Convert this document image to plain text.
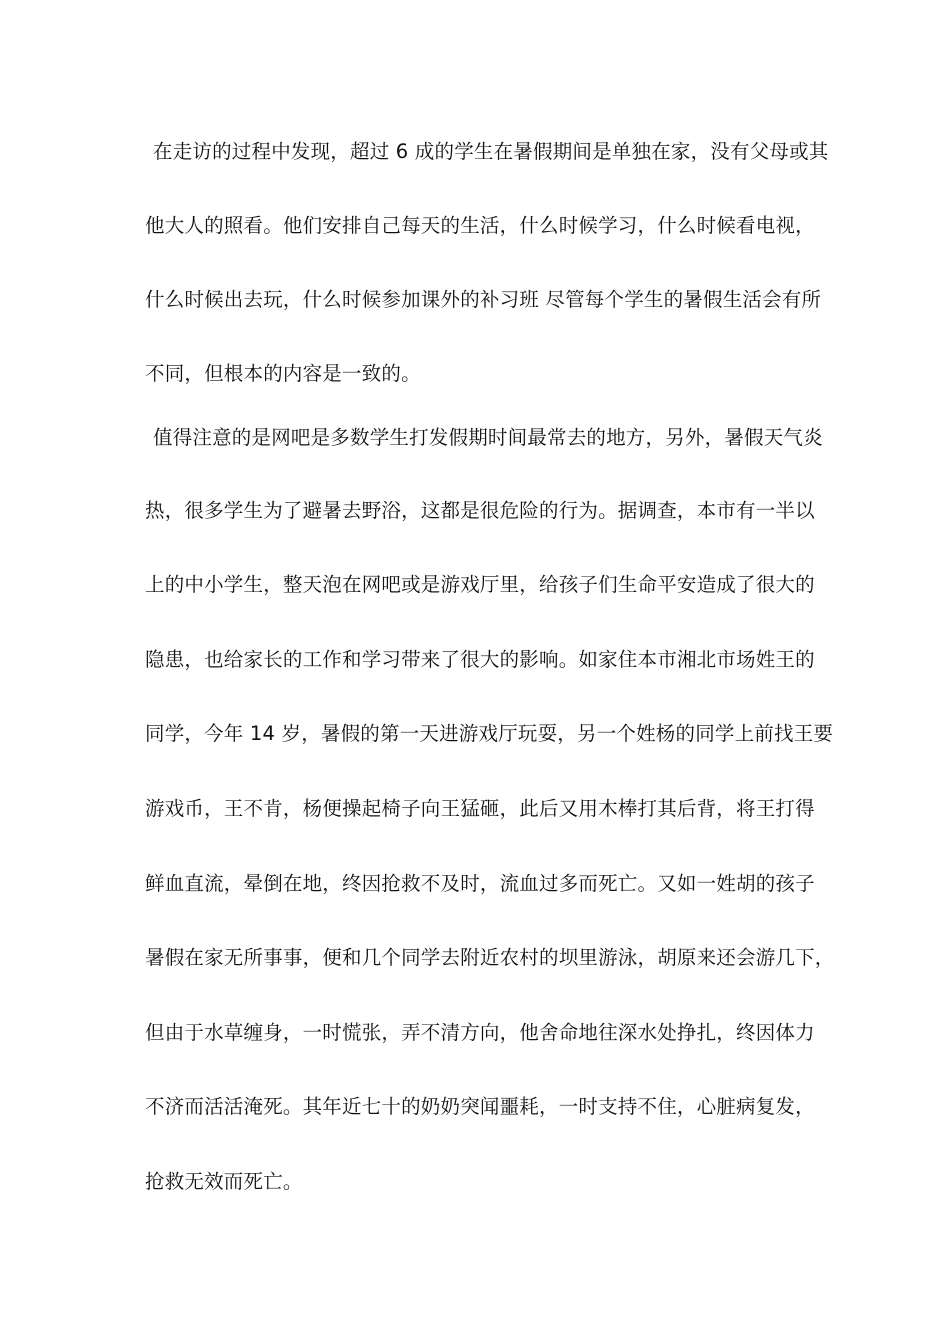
在走访的过程中发现，超过 6 成的学生在暑假期间是单独在家，没有父母或其
他大人的照看。他们安排自己每天的生活，什么时候学习，什么时候看电视，
什么时候出去玩，什么时候参加课外的补习班 尽管每个学生的暑假生活会有所
不同，但根本的内容是一致的。
值得注意的是网吧是多数学生打发假期时间最常去的地方，另外，暑假天气炎
热，很多学生为了避暑去野浴，这都是很危险的行为。据调查，本市有一半以
上的中小学生，整天泡在网吧或是游戏厅里，给孩子们生命平安造成了很大的
隐患，也给家长的工作和学习带来了很大的影响。如家住本市湘北市场姓王的
同学，今年 14 岁，暑假的第一天进游戏厅玩耍，另一个姓杨的同学上前找王要
游戏币，王不肯，杨便操起椅子向王猛砸，此后又用木棒打其后背，将王打得
鲜血直流，晕倒在地，终因抢救不及时，流血过多而死亡。又如一姓胡的孩子
暑假在家无所事事，便和几个同学去附近农村的坝里游泳，胡原来还会游几下，
但由于水草缠身，一时慌张，弄不清方向，他舍命地往深水处挣扎，终因体力
不济而活活淹死。其年近七十的奶奶突闻噩耗，一时支持不住，心脏病复发，
抢救无效而死亡。
